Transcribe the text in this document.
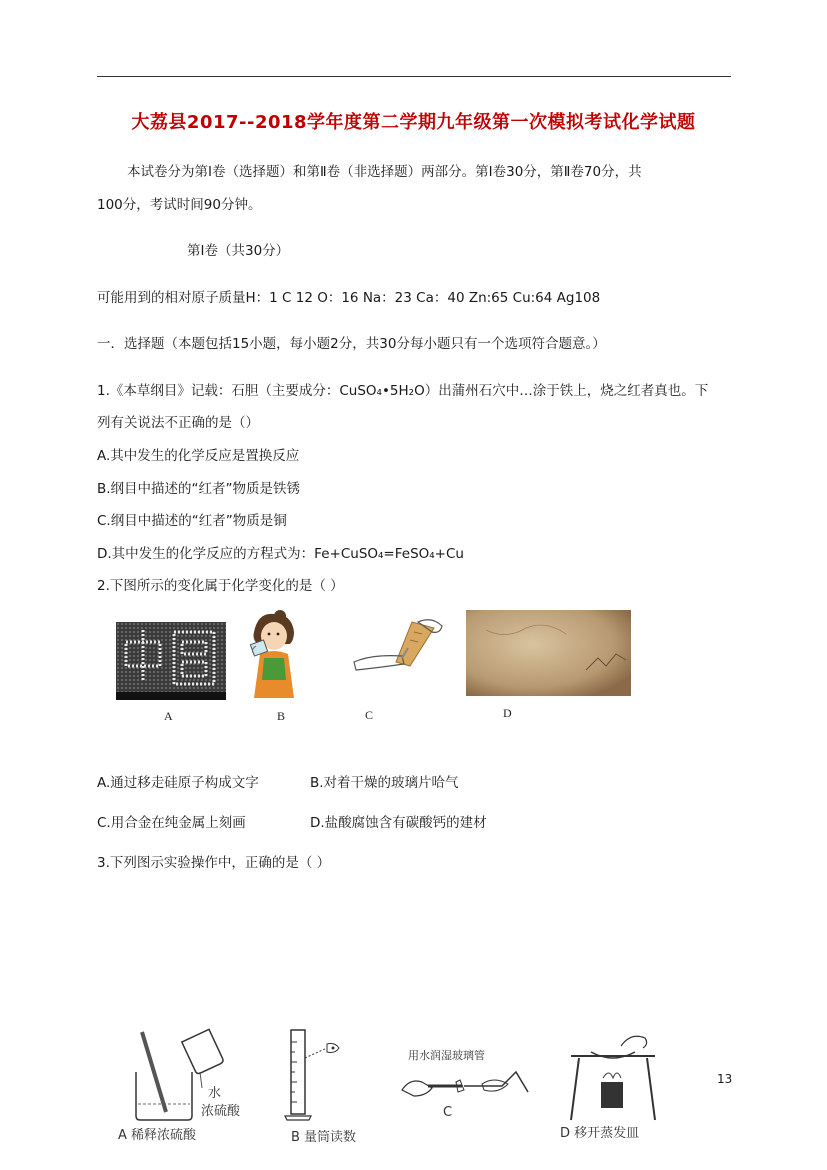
大荔县2017--2018学年度第二学期九年级第一次模拟考试化学试题
本试卷分为第Ⅰ卷（选择题）和第Ⅱ卷（非选择题）两部分。第Ⅰ卷30分，第Ⅱ卷70分，共
100分，考试时间90分钟。
第Ⅰ卷（共30分）
可能用到的相对原子质量H：1 C 12 O：16 Na：23 Ca：40 Zn:65 Cu:64 Ag108
一．选择题（本题包括15小题，每小题2分，共30分每小题只有一个选项符合题意。）
1.《本草纲目》记载：石胆（主要成分：CuSO₄•5H₂O）出蒲州石穴中…涂于铁上，烧之红者真也。下
列有关说法不正确的是（）
A.其中发生的化学反应是置换反应
B.纲目中描述的“红者”物质是铁锈
C.纲目中描述的“红者”物质是铜
D.其中发生的化学反应的方程式为：Fe+CuSO₄=FeSO₄+Cu
2.下图所示的变化属于化学变化的是（ ）
A	B	C	D
A.通过移走硅原子构成文字	B.对着干燥的玻璃片哈气
C.用合金在纯金属上刻画	D.盐酸腐蚀含有碳酸钙的建材
3.下列图示实验操作中，正确的是（ ）
水
浓硫酸
A 稀释浓硫酸	B 量筒读数
用水润湿玻璃管
C
D 移开蒸发皿
13
